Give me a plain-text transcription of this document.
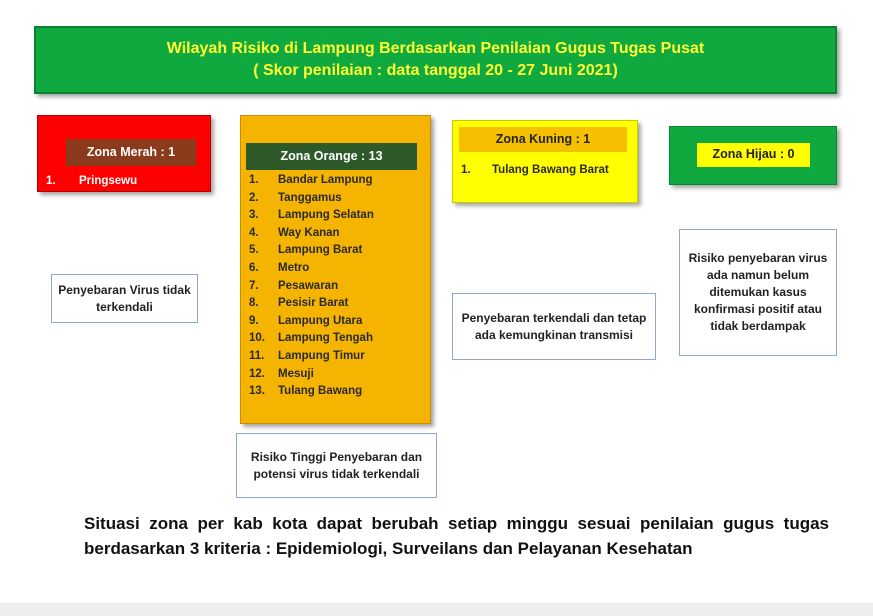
Wilayah Risiko di Lampung Berdasarkan Penilaian Gugus Tugas Pusat
( Skor penilaian : data tanggal 20 - 27 Juni 2021)
Zona Merah : 1
1.	Pringsewu
Zona Orange : 13
1.	Bandar Lampung
2.	Tanggamus
3.	Lampung Selatan
4.	Way Kanan
5.	Lampung Barat
6.	Metro
7.	Pesawaran
8.	Pesisir Barat
9.	Lampung Utara
10.	Lampung Tengah
11.	Lampung Timur
12.	Mesuji
13.	Tulang Bawang
Zona Kuning : 1
1.	Tulang Bawang Barat
Zona Hijau : 0
Penyebaran Virus tidak terkendali
Risiko Tinggi Penyebaran dan potensi virus tidak terkendali
Penyebaran terkendali dan tetap ada kemungkinan transmisi
Risiko penyebaran virus ada namun belum ditemukan kasus konfirmasi positif atau tidak berdampak
Situasi zona per kab kota dapat berubah setiap minggu sesuai penilaian gugus tugas berdasarkan 3 kriteria : Epidemiologi, Surveilans dan Pelayanan Kesehatan
